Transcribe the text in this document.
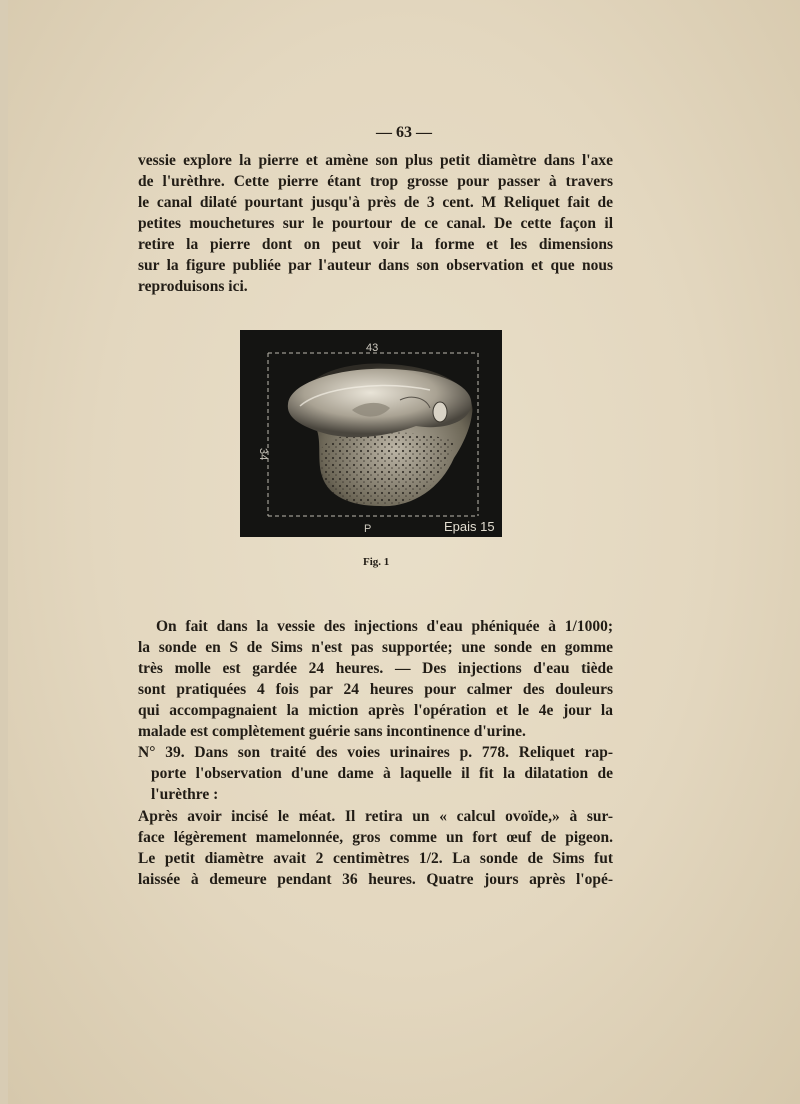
— 63 —
vessie explore la pierre et amène son plus petit diamètre dans l'axe
de l'urèthre. Cette pierre étant trop grosse pour passer à travers
le canal dilaté pourtant jusqu'à près de 3 cent. M Reliquet fait de
petites mouchetures sur le pourtour de ce canal. De cette façon il
retire la pierre dont on peut voir la forme et les dimensions
sur la figure publiée par l'auteur dans son observation et que nous
reproduisons ici.
43
34
P	Epais 15
Fig. 1
On fait dans la vessie des injections d'eau phéniquée à 1/1000;
la sonde en S de Sims n'est pas supportée; une sonde en gomme
très molle est gardée 24 heures. — Des injections d'eau tiède
sont pratiquées 4 fois par 24 heures pour calmer des douleurs
qui accompagnaient la miction après l'opération et le 4e jour la
malade est complètement guérie sans incontinence d'urine.
N° 39. Dans son traité des voies urinaires p. 778. Reliquet rap-
porte l'observation d'une dame à laquelle il fit la dilatation de
l'urèthre :
Après avoir incisé le méat. Il retira un « calcul ovoïde,» à sur-
face légèrement mamelonnée, gros comme un fort œuf de pigeon.
Le petit diamètre avait 2 centimètres 1/2. La sonde de Sims fut
laissée à demeure pendant 36 heures. Quatre jours après l'opé-
